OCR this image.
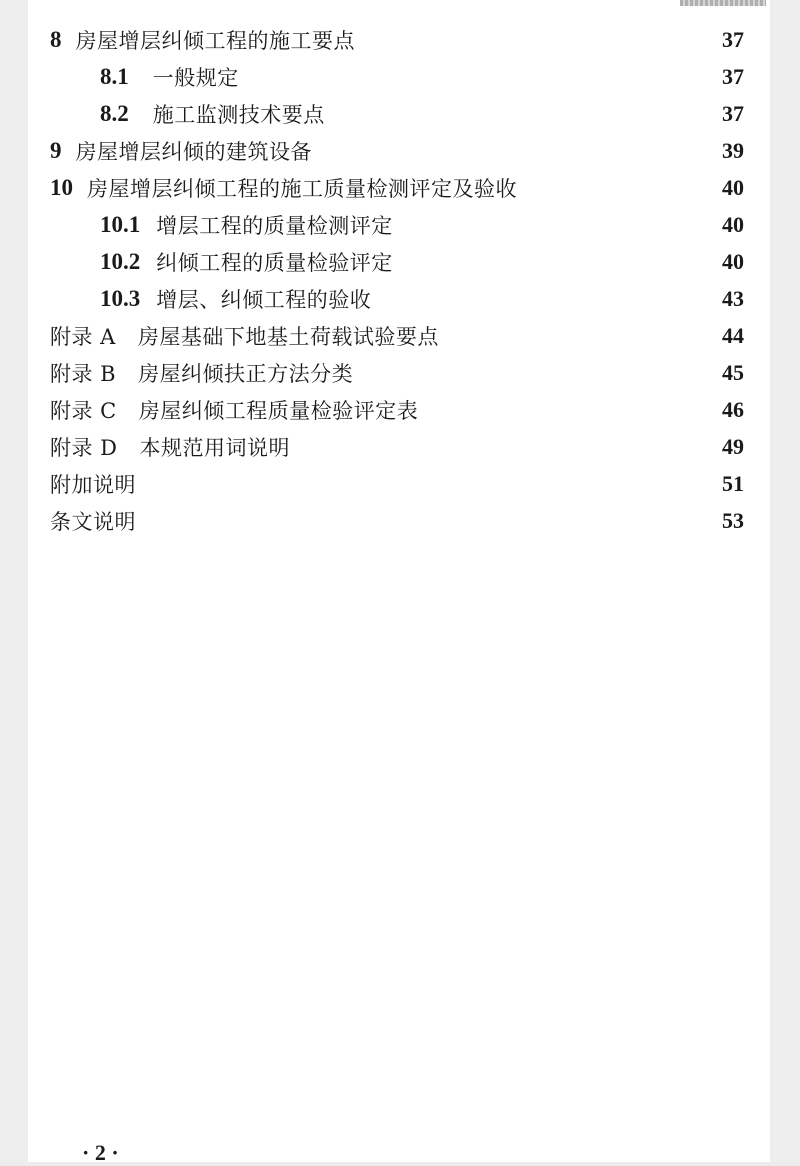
8 房屋增层纠倾工程的施工要点	37
8.1 一般规定	37
8.2 施工监测技术要点	37
9 房屋增层纠倾的建筑设备	39
10 房屋增层纠倾工程的施工质量检测评定及验收	40
10.1 增层工程的质量检测评定	40
10.2 纠倾工程的质量检验评定	40
10.3 增层、纠倾工程的验收	43
附录 A 房屋基础下地基土荷载试验要点	44
附录 B 房屋纠倾扶正方法分类	45
附录 C 房屋纠倾工程质量检验评定表	46
附录 D 本规范用词说明	49
附加说明	51
条文说明	53
· 2 ·
